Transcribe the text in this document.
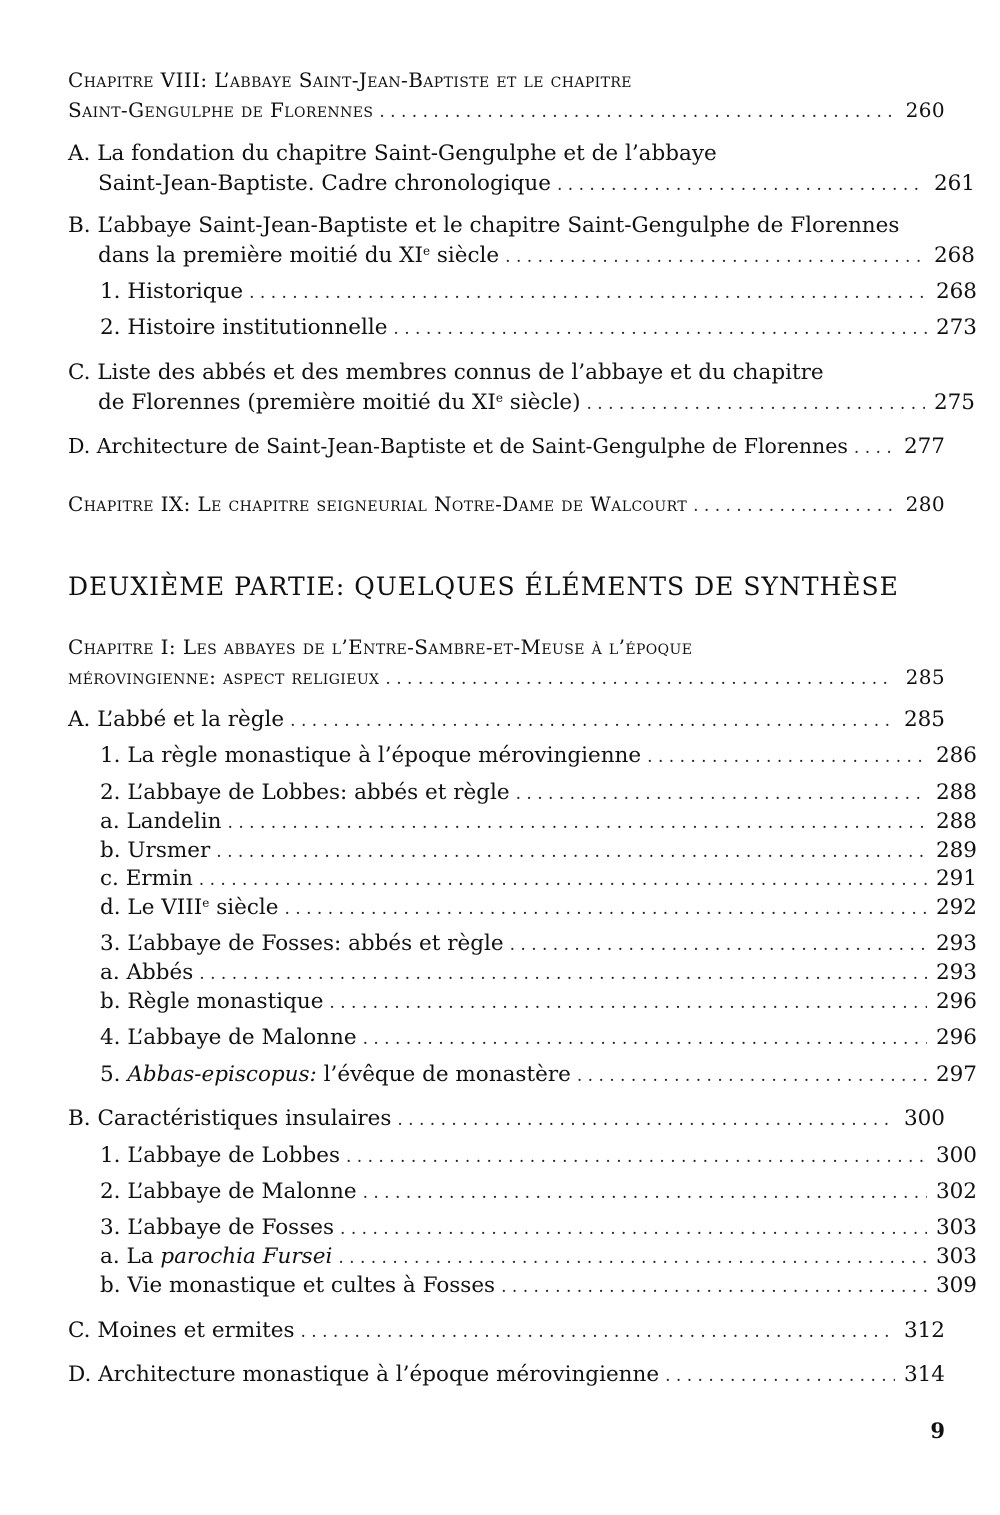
Chapitre VIII: L’abbaye Saint-Jean-Baptiste et le chapitre
Saint-Gengulphe de Florennes . . .	260
A. La fondation du chapitre Saint-Gengulphe et de l’abbaye
Saint-Jean-Baptiste. Cadre chronologique . . .	261
B. L’abbaye Saint-Jean-Baptiste et le chapitre Saint-Gengulphe de Florennes
dans la première moitié du XIe siècle . . .	268
1. Historique . . .	268
2. Histoire institutionnelle . . .	273
C. Liste des abbés et des membres connus de l’abbaye et du chapitre
de Florennes (première moitié du XIe siècle) . . .	275
D. Architecture de Saint-Jean-Baptiste et de Saint-Gengulphe de Florennes . . .	277
Chapitre IX: Le chapitre seigneurial Notre-Dame de Walcourt . . .	280
DEUXIÈME PARTIE: QUELQUES ÉLÉMENTS DE SYNTHÈSE
Chapitre I: Les abbayes de l’Entre-Sambre-et-Meuse à l’époque
mérovingienne: aspect religieux . . .	285
A. L’abbé et la règle . . .	285
1. La règle monastique à l’époque mérovingienne . . .	286
2. L’abbaye de Lobbes: abbés et règle . . .	288
a. Landelin . . .	288
b. Ursmer . . .	289
c. Ermin . . .	291
d. Le VIIIe siècle . . .	292
3. L’abbaye de Fosses: abbés et règle . . .	293
a. Abbés . . .	293
b. Règle monastique . . .	296
4. L’abbaye de Malonne . . .	296
5. Abbas-episcopus: l’évêque de monastère . . .	297
B. Caractéristiques insulaires . . .	300
1. L’abbaye de Lobbes . . .	300
2. L’abbaye de Malonne . . .	302
3. L’abbaye de Fosses . . .	303
a. La parochia Fursei . . .	303
b. Vie monastique et cultes à Fosses . . .	309
C. Moines et ermites . . .	312
D. Architecture monastique à l’époque mérovingienne . . .	314
9
